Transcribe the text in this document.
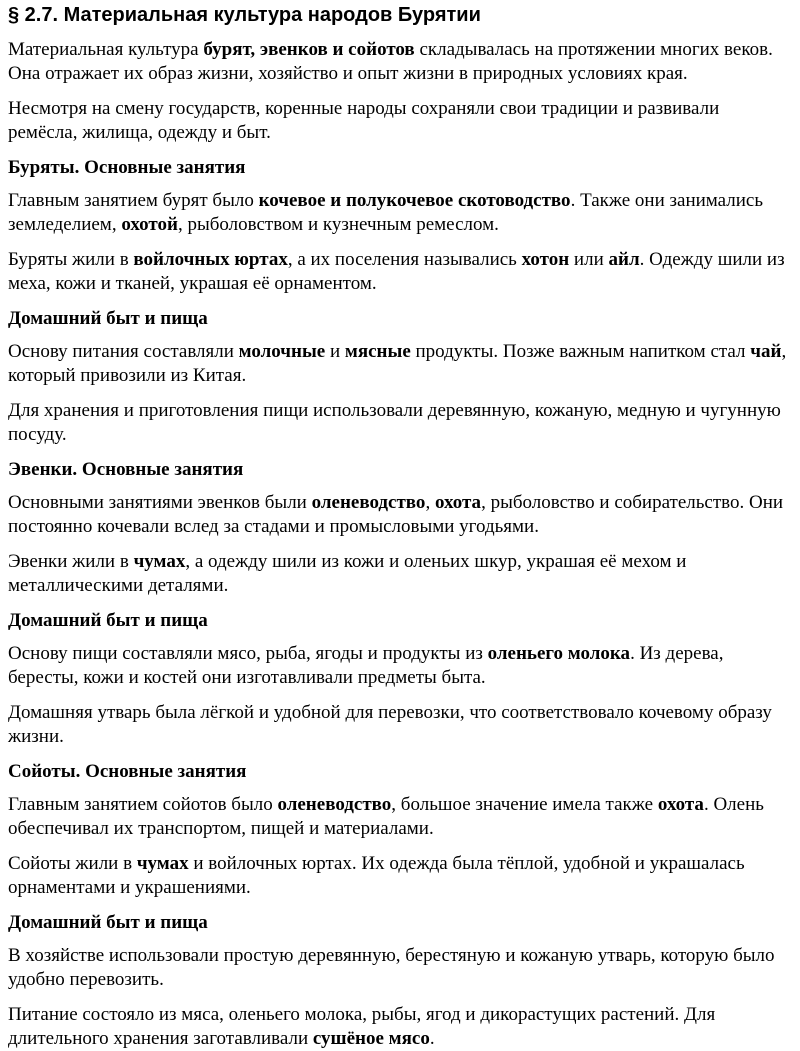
§ 2.7. Материальная культура народов Бурятии

Материальная культура бурят, эвенков и сойотов складывалась на протяжении многих веков. Она отражает их образ жизни, хозяйство и опыт жизни в природных условиях края.

Несмотря на смену государств, коренные народы сохраняли свои традиции и развивали ремёсла, жилища, одежду и быт.

Буряты. Основные занятия

Главным занятием бурят было кочевое и полукочевое скотоводство. Также они занимались земледелием, охотой, рыболовством и кузнечным ремеслом.

Буряты жили в войлочных юртах, а их поселения назывались хотон или айл. Одежду шили из меха, кожи и тканей, украшая её орнаментом.

Домашний быт и пища

Основу питания составляли молочные и мясные продукты. Позже важным напитком стал чай, который привозили из Китая.

Для хранения и приготовления пищи использовали деревянную, кожаную, медную и чугунную посуду.

Эвенки. Основные занятия

Основными занятиями эвенков были оленеводство, охота, рыболовство и собирательство. Они постоянно кочевали вслед за стадами и промысловыми угодьями.

Эвенки жили в чумах, а одежду шили из кожи и оленьих шкур, украшая её мехом и металлическими деталями.

Домашний быт и пища

Основу пищи составляли мясо, рыба, ягоды и продукты из оленьего молока. Из дерева, бересты, кожи и костей они изготавливали предметы быта.

Домашняя утварь была лёгкой и удобной для перевозки, что соответствовало кочевому образу жизни.

Сойоты. Основные занятия

Главным занятием сойотов было оленеводство, большое значение имела также охота. Олень обеспечивал их транспортом, пищей и материалами.

Сойоты жили в чумах и войлочных юртах. Их одежда была тёплой, удобной и украшалась орнаментами и украшениями.

Домашний быт и пища

В хозяйстве использовали простую деревянную, берестяную и кожаную утварь, которую было удобно перевозить.

Питание состояло из мяса, оленьего молока, рыбы, ягод и дикорастущих растений. Для длительного хранения заготавливали сушёное мясо.
